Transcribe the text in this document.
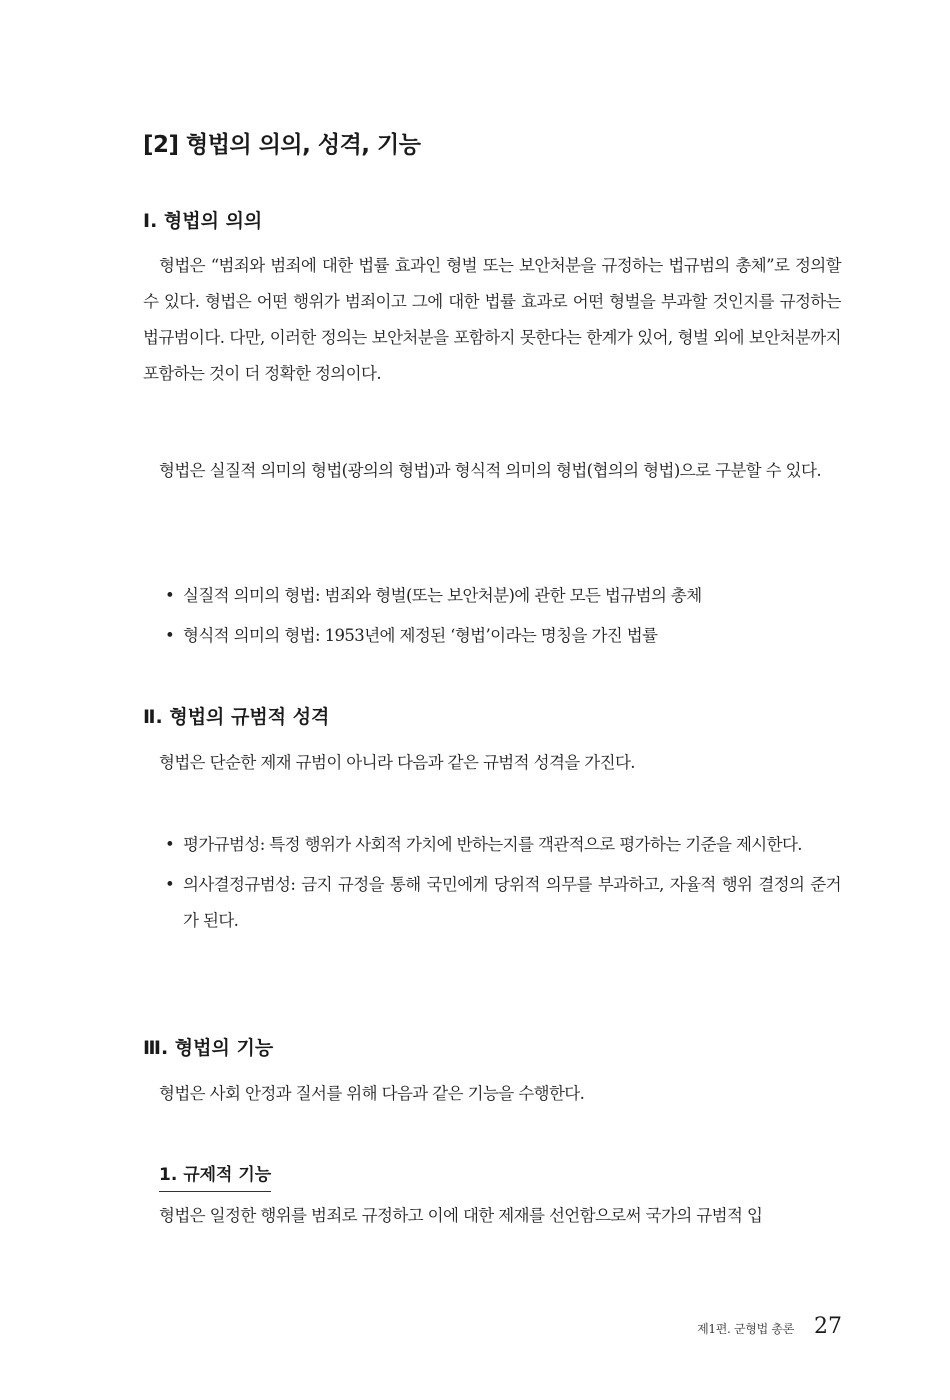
[2] 형법의 의의, 성격, 기능
Ⅰ. 형법의 의의
형법은 “범죄와 범죄에 대한 법률 효과인 형벌 또는 보안처분을 규정하는 법규범의 총체”로 정의할 수 있다. 형법은 어떤 행위가 범죄이고 그에 대한 법률 효과로 어떤 형벌을 부과할 것인지를 규정하는 법규범이다. 다만, 이러한 정의는 보안처분을 포함하지 못한다는 한계가 있어, 형벌 외에 보안처분까지 포함하는 것이 더 정확한 정의이다.
형법은 실질적 의미의 형법(광의의 형법)과 형식적 의미의 형법(협의의 형법)으로 구분할 수 있다.
• 실질적 의미의 형법: 범죄와 형벌(또는 보안처분)에 관한 모든 법규범의 총체
• 형식적 의미의 형법: 1953년에 제정된 ‘형법’이라는 명칭을 가진 법률
Ⅱ. 형법의 규범적 성격
형법은 단순한 제재 규범이 아니라 다음과 같은 규범적 성격을 가진다.
• 평가규범성: 특정 행위가 사회적 가치에 반하는지를 객관적으로 평가하는 기준을 제시한다.
• 의사결정규범성: 금지 규정을 통해 국민에게 당위적 의무를 부과하고, 자율적 행위 결정의 준거가 된다.
Ⅲ. 형법의 기능
형법은 사회 안정과 질서를 위해 다음과 같은 기능을 수행한다.
1. 규제적 기능
형법은 일정한 행위를 범죄로 규정하고 이에 대한 제재를 선언함으로써 국가의 규범적 입
제1편. 군형법 총론 27
